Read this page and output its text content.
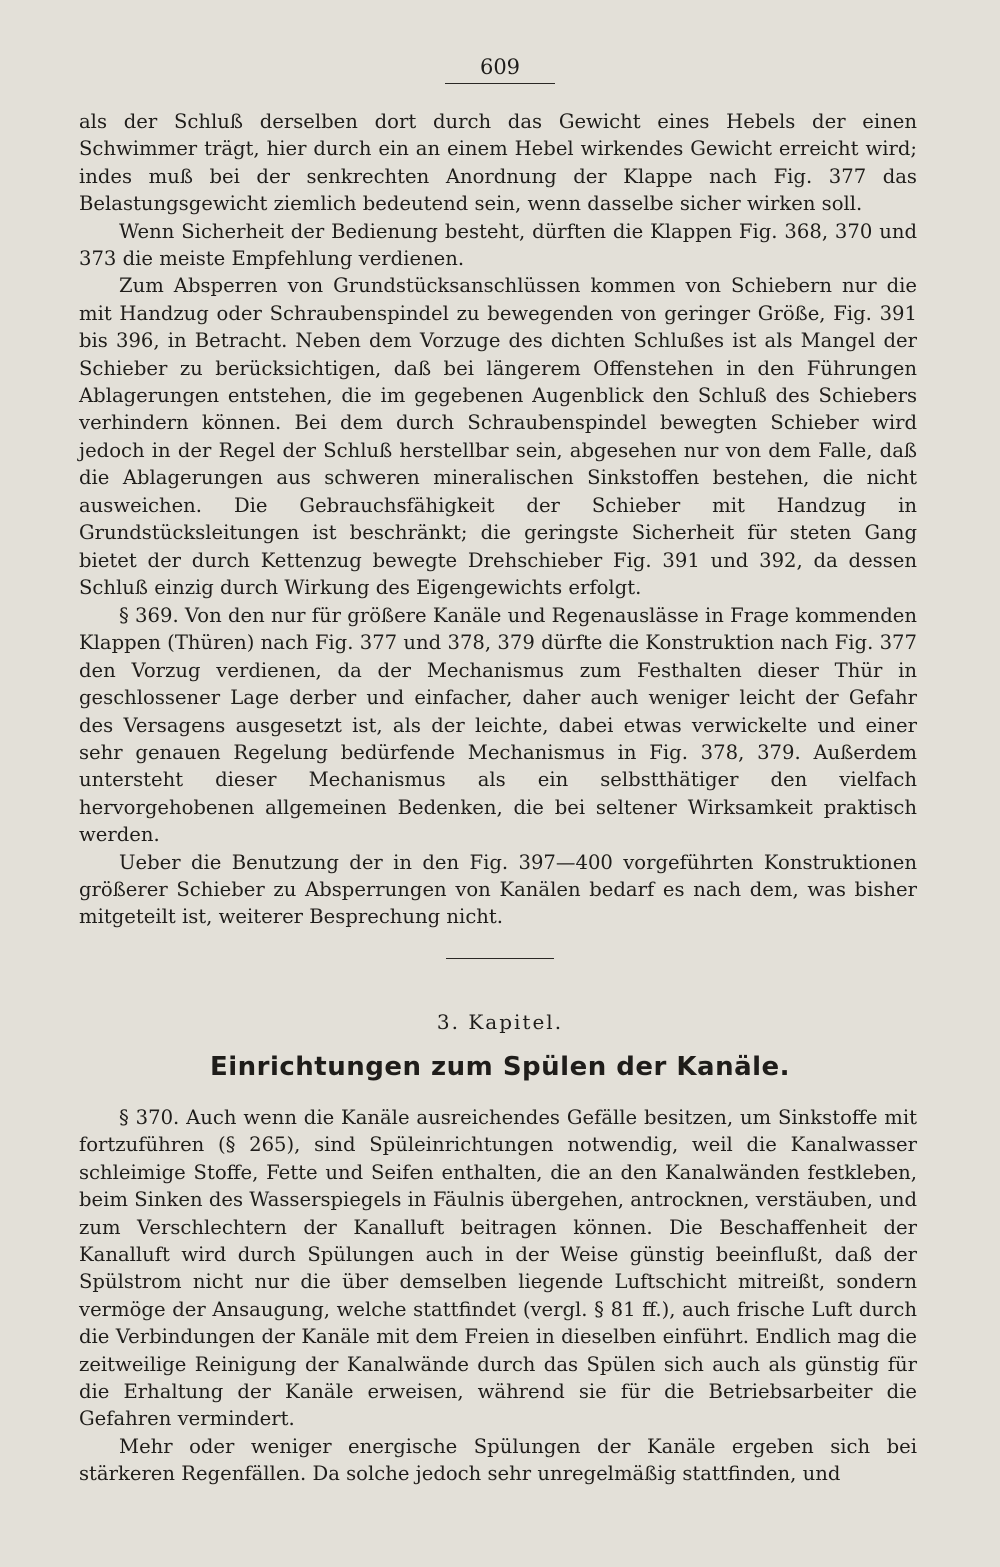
609

als der Schluß derselben dort durch das Gewicht eines Hebels der einen Schwimmer trägt, hier durch ein an einem Hebel wirkendes Gewicht erreicht wird; indes muß bei der senkrechten Anordnung der Klappe nach Fig. 377 das Belastungsgewicht ziemlich bedeutend sein, wenn dasselbe sicher wirken soll.

Wenn Sicherheit der Bedienung besteht, dürften die Klappen Fig. 368, 370 und 373 die meiste Empfehlung verdienen.

Zum Absperren von Grundstücksanschlüssen kommen von Schiebern nur die mit Handzug oder Schraubenspindel zu bewegenden von geringer Größe, Fig. 391 bis 396, in Betracht. Neben dem Vorzuge des dichten Schlußes ist als Mangel der Schieber zu berücksichtigen, daß bei längerem Offenstehen in den Führungen Ablagerungen entstehen, die im gegebenen Augenblick den Schluß des Schiebers verhindern können. Bei dem durch Schraubenspindel bewegten Schieber wird jedoch in der Regel der Schluß herstellbar sein, abgesehen nur von dem Falle, daß die Ablagerungen aus schweren mineralischen Sinkstoffen bestehen, die nicht ausweichen. Die Gebrauchsfähigkeit der Schieber mit Handzug in Grundstücksleitungen ist beschränkt; die geringste Sicherheit für steten Gang bietet der durch Kettenzug bewegte Drehschieber Fig. 391 und 392, da dessen Schluß einzig durch Wirkung des Eigengewichts erfolgt.

§ 369. Von den nur für größere Kanäle und Regenauslässe in Frage kommenden Klappen (Thüren) nach Fig. 377 und 378, 379 dürfte die Konstruktion nach Fig. 377 den Vorzug verdienen, da der Mechanismus zum Festhalten dieser Thür in geschlossener Lage derber und einfacher, daher auch weniger leicht der Gefahr des Versagens ausgesetzt ist, als der leichte, dabei etwas verwickelte und einer sehr genauen Regelung bedürfende Mechanismus in Fig. 378, 379. Außerdem untersteht dieser Mechanismus als ein selbstthätiger den vielfach hervorgehobenen allgemeinen Bedenken, die bei seltener Wirksamkeit praktisch werden.

Ueber die Benutzung der in den Fig. 397—400 vorgeführten Konstruktionen größerer Schieber zu Absperrungen von Kanälen bedarf es nach dem, was bisher mitgeteilt ist, weiterer Besprechung nicht.

3. Kapitel.
Einrichtungen zum Spülen der Kanäle.

§ 370. Auch wenn die Kanäle ausreichendes Gefälle besitzen, um Sinkstoffe mit fortzuführen (§ 265), sind Spüleinrichtungen notwendig, weil die Kanalwasser schleimige Stoffe, Fette und Seifen enthalten, die an den Kanalwänden festkleben, beim Sinken des Wasserspiegels in Fäulnis übergehen, antrocknen, verstäuben, und zum Verschlechtern der Kanalluft beitragen können. Die Beschaffenheit der Kanalluft wird durch Spülungen auch in der Weise günstig beeinflußt, daß der Spülstrom nicht nur die über demselben liegende Luftschicht mitreißt, sondern vermöge der Ansaugung, welche stattfindet (vergl. § 81 ff.), auch frische Luft durch die Verbindungen der Kanäle mit dem Freien in dieselben einführt. Endlich mag die zeitweilige Reinigung der Kanalwände durch das Spülen sich auch als günstig für die Erhaltung der Kanäle erweisen, während sie für die Betriebsarbeiter die Gefahren vermindert.

Mehr oder weniger energische Spülungen der Kanäle ergeben sich bei stärkeren Regenfällen. Da solche jedoch sehr unregelmäßig stattfinden, und
